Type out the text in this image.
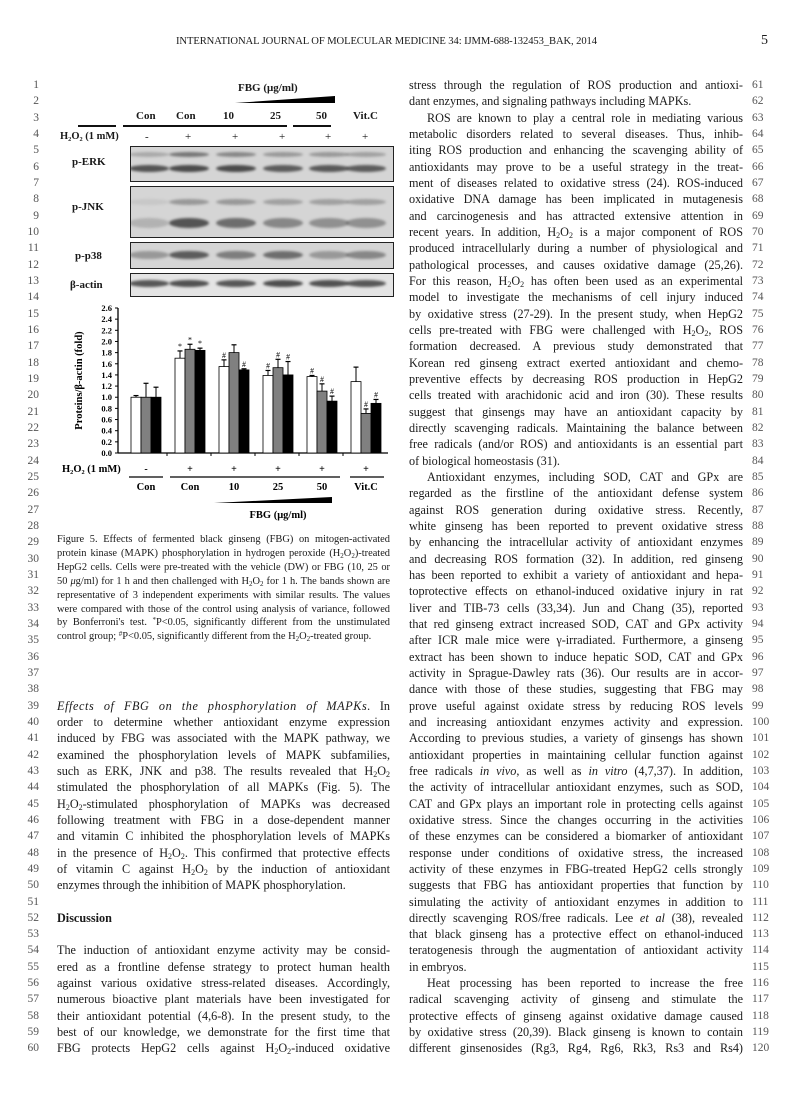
INTERNATIONAL JOURNAL OF MOLECULAR MEDICINE 34: IJMM-688-132453_BAK, 2014	5
1
2
3
4
5
6
7
8
9
10
11
12
13
14
15
16
17
18
19
20
21
22
23
24
25
26
27
28
29
30
31
32
33
34
35
36
37
38
39
40
41
42
43
44
45
46
47
48
49
50
51
52
53
54
55
56
57
58
59
60
61
62
63
64
65
66
67
68
69
70
71
72
73
74
75
76
77
78
79
80
81
82
83
84
85
86
87
88
89
90
91
92
93
94
95
96
97
98
99
100
101
102
103
104
105
106
107
108
109
110
111
112
113
114
115
116
117
118
119
120
FBG (μg/ml)
Con Con 10	25	50 Vit.C
H₂O₂ (1 mM) -	+	+	+	+	+
p-ERK
p-JNK
p-p38
β-actin
0.0
0.2
0.4
0.6
0.8
1.0
1.2
1.4
1.6
1.8
2.0
2.2
2.4
2.6
Proteins/β-actin (fold)	*
#
#
#
*
#
#
#
*
#
#
#	#
H₂O₂ (1 mM) -	+	+	+	+	+
Con Con	10	25	50	Vit.C
FBG (μg/ml)
Figure 5. Effects of fermented black ginseng (FBG) on mitogen-activated
protein kinase (MAPK) phosphorylation in hydrogen peroxide $(H_2O_2)$-treated
HepG2 cells. Cells were pre-treated with the vehicle (DW) or FBG (10, 25 or
50 μg/ml) for 1 h and then challenged with $H_2O_2$ for 1 h. The bands shown are
representative of 3 independent experiments with similar results. The values
were compared with those of the control using analysis of variance, followed
by Bonferroni's test. *P<0.05, significantly different from the unstimulated
control group; #P<0.05, significantly different from the $H_2O_2$-treated group.
Effects of FBG on the phosphorylation of MAPKs. In
order to determine whether antioxidant enzyme expression
induced by FBG was associated with the MAPK pathway, we
examined the phosphorylation levels of MAPK subfamilies,
such as ERK, JNK and p38. The results revealed that $H_2O_2$
stimulated the phosphorylation of all MAPKs (Fig. 5). The
$H_2O_2$-stimulated phosphorylation of MAPKs was decreased
following treatment with FBG in a dose-dependent manner
and vitamin C inhibited the phosphorylation levels of MAPKs
in the presence of $H_2O_2$. This confirmed that protective effects
of vitamin C against $H_2O_2$ by the induction of antioxidant
enzymes through the inhibition of MAPK phosphorylation.
Discussion
The induction of antioxidant enzyme activity may be consid-
ered as a frontline defense strategy to protect human health
against various oxidative stress-related diseases. Accordingly,
numerous bioactive plant materials have been investigated for
their antioxidant potential (4,6-8). In the present study, to the
best of our knowledge, we demonstrate for the first time that
FBG protects HepG2 cells against $H_2O_2$-induced oxidative
stress through the regulation of ROS production and antioxi-
dant enzymes, and signaling pathways including MAPKs.
ROS are known to play a central role in mediating various
metabolic disorders related to several diseases. Thus, inhib-
iting ROS production and enhancing the scavenging ability of
antioxidants may prove to be a useful strategy in the treat-
ment of diseases related to oxidative stress (24). ROS-induced
oxidative DNA damage has been implicated in mutagenesis
and carcinogenesis and has attracted extensive attention in
recent years. In addition, $H_2O_2$ is a major component of ROS
produced intracellularly during a number of physiological and
pathological processes, and causes oxidative damage (25,26).
For this reason, $H_2O_2$ has often been used as an experimental
model to investigate the mechanisms of cell injury induced
by oxidative stress (27-29). In the present study, when HepG2
cells pre-treated with FBG were challenged with $H_2O_2$, ROS
formation decreased. A previous study demonstrated that
Korean red ginseng extract exerted antioxidant and chemo-
preventive effects by decreasing ROS production in HepG2
cells treated with arachidonic acid and iron (30). These results
suggest that ginsengs may have an antioxidant capacity by
directly scavenging radicals. Maintaining the balance between
free radicals (and/or ROS) and antioxidants is an essential part
of biological homeostasis (31).
Antioxidant enzymes, including SOD, CAT and GPx are
regarded as the firstline of the antioxidant defense system
against ROS generation during oxidative stress. Recently,
white ginseng has been reported to prevent oxidative stress
by enhancing the intracellular activity of antioxidant enzymes
and decreasing ROS formation (32). In addition, red ginseng
has been reported to exhibit a variety of antioxidant and hepa-
toprotective effects on ethanol-induced oxidative injury in rat
liver and TIB-73 cells (33,34). Jun and Chang (35), reported
that red ginseng extract increased SOD, CAT and GPx activity
after ICR male mice were γ-irradiated. Furthermore, a ginseng
extract has been shown to induce hepatic SOD, CAT and GPx
activity in Sprague-Dawley rats (36). Our results are in accor-
dance with those of these studies, suggesting that FBG may
prove useful against oxidate stress by reducing ROS levels
and increasing antioxidant enzymes activity and expression.
According to previous studies, a variety of ginsengs has shown
antioxidant properties in maintaining cellular function against
free radicals in vivo, as well as in vitro (4,7,37). In addition,
the activity of intracellular antioxidant enzymes, such as SOD,
CAT and GPx plays an important role in protecting cells against
oxidative stress. Since the changes occurring in the activities
of these enzymes can be considered a biomarker of antioxidant
response under conditions of oxidative stress, the increased
activity of these enzymes in FBG-treated HepG2 cells strongly
suggests that FBG has antioxidant properties that function by
simulating the activity of antioxidant enzymes in addition to
directly scavenging ROS/free radicals. Lee et al (38), revealed
that black ginseng has a protective effect on ethanol-induced
teratogenesis through the augmentation of antioxidant activity
in embryos.
Heat processing has been reported to increase the free
radical scavenging activity of ginseng and stimulate the
protective effects of ginseng against oxidative damage caused
by oxidative stress (20,39). Black ginseng is known to contain
different ginsenosides (Rg3, Rg4, Rg6, Rk3, Rs3 and Rs4)
